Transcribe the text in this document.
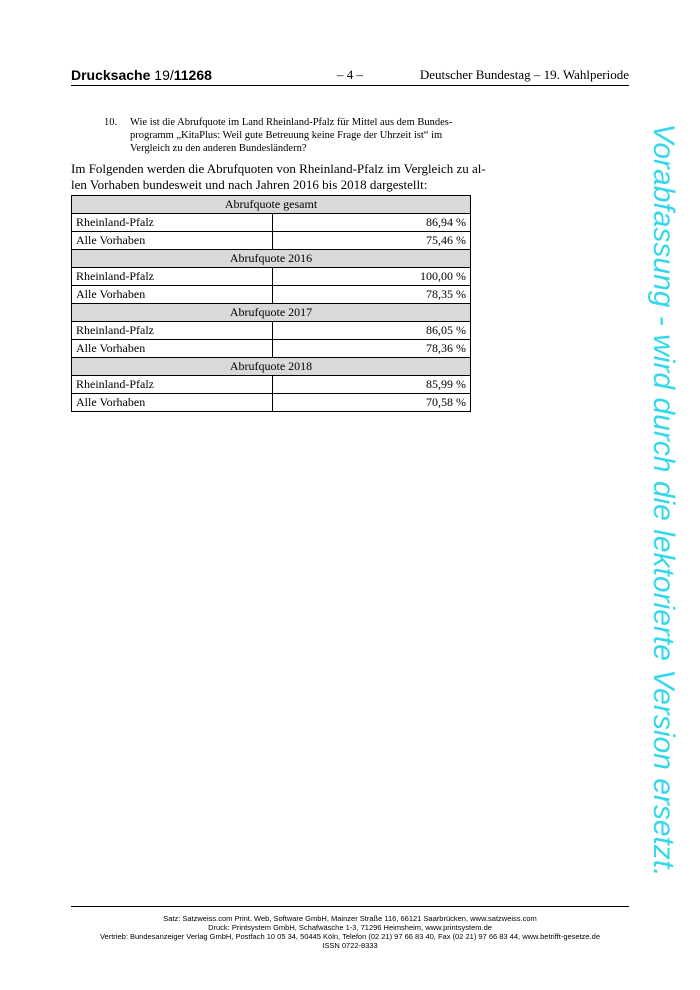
Drucksache 19/11268	– 4 –	Deutscher Bundestag – 19. Wahlperiode
10. Wie ist die Abrufquote im Land Rheinland-Pfalz für Mittel aus dem Bundes-
programm „KitaPlus: Weil gute Betreuung keine Frage der Uhrzeit ist“ im
Vergleich zu den anderen Bundesländern?
Im Folgenden werden die Abrufquoten von Rheinland-Pfalz im Vergleich zu al-
len Vorhaben bundesweit und nach Jahren 2016 bis 2018 dargestellt:
Abrufquote gesamt	
Rheinland-Pfalz	86,94 %
Alle Vorhaben	75,46 %
Abrufquote 2016	
Rheinland-Pfalz	100,00 %
Alle Vorhaben	78,35 %
Abrufquote 2017	
Rheinland-Pfalz	86,05 %
Alle Vorhaben	78,36 %
Abrufquote 2018	
Rheinland-Pfalz	85,99 %
Alle Vorhaben	70,58 %
Satz: Satzweiss.com Print, Web, Software GmbH, Mainzer Straße 116, 66121 Saarbrücken, www.satzweiss.com
Druck: Printsystem GmbH, Schafwäsche 1-3, 71296 Heimsheim, www.printsystem.de
Vertrieb: Bundesanzeiger Verlag GmbH, Postfach 10 05 34, 50445 Köln, Telefon (02 21) 97 66 83 40, Fax (02 21) 97 66 83 44, www.betrifft-gesetze.de
ISSN 0722-8333
Vorabfassung - wird durch die lektorierte Version ersetzt.
